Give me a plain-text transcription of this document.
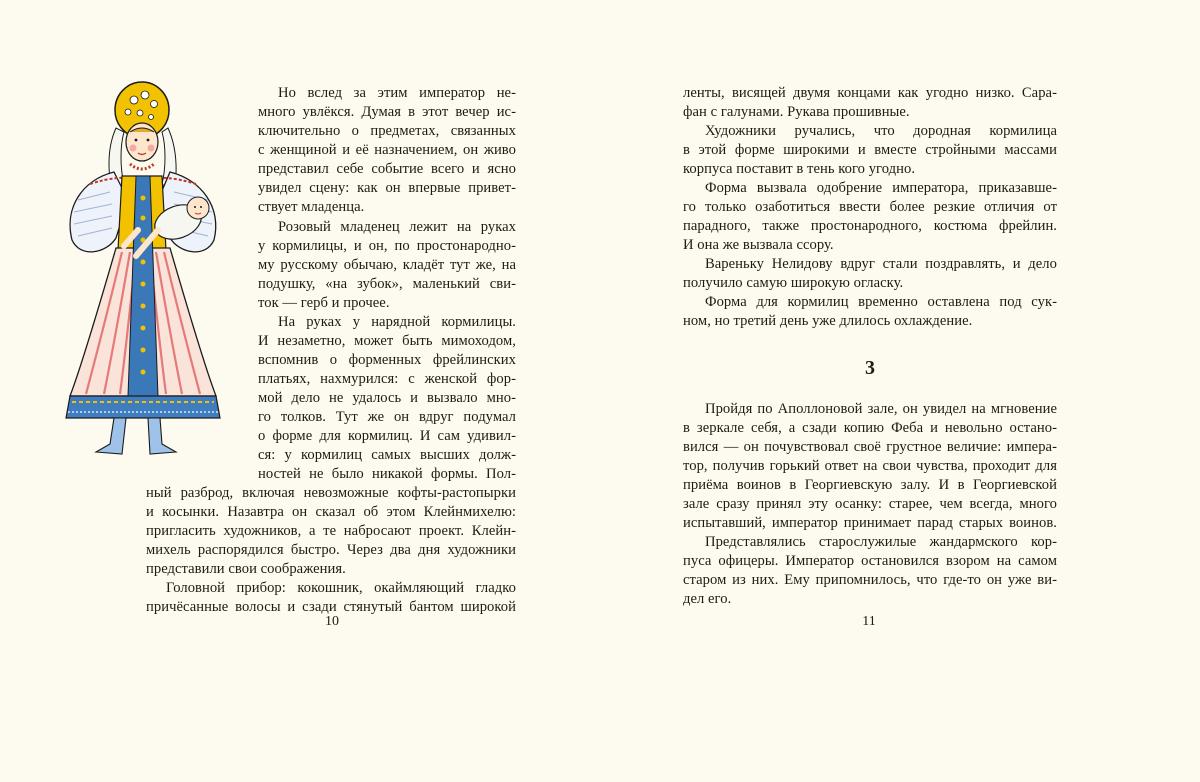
Но вслед за этим император не-
много увлёкся. Думая в этот вечер ис-
ключительно о предметах, связанных
с женщиной и её назначением, он живо
представил себе событие всего и ясно
увидел сцену: как он впервые привет-
ствует младенца.
Розовый младенец лежит на руках
у кормилицы, и он, по простонародно-
му русскому обычаю, кладёт тут же, на
подушку, «на зубок», маленький сви-
ток — герб и прочее.
На руках у нарядной кормилицы.
И незаметно, может быть мимоходом,
вспомнив о форменных фрейлинских
платьях, нахмурился: с женской фор-
мой дело не удалось и вызвало мно-
го толков. Тут же он вдруг подумал
о форме для кормилиц. И сам удивил-
ся: у кормилиц самых высших долж-
ностей не было никакой формы. Пол-
ный разброд, включая невозможные кофты-растопырки
и косынки. Назавтра он сказал об этом Клейнмихелю:
пригласить художников, а те набросают проект. Клейн-
михель распорядился быстро. Через два дня художники
представили свои соображения.
Головной прибор: кокошник, окаймляющий гладко
причёсанные волосы и сзади стянутый бантом широкой
10
ленты, висящей двумя концами как угодно низко. Сара-
фан с галунами. Рукава прошивные.
Художники ручались, что дородная кормилица
в этой форме широкими и вместе стройными массами
корпуса поставит в тень кого угодно.
Форма вызвала одобрение императора, приказавше-
го только озаботиться ввести более резкие отличия от
парадного, также простонародного, костюма фрейлин.
И она же вызвала ссору.
Вареньку Нелидову вдруг стали поздравлять, и дело
получило самую широкую огласку.
Форма для кормилиц временно оставлена под сук-
ном, но третий день уже длилось охлаждение.
3
Пройдя по Аполлоновой зале, он увидел на мгновение
в зеркале себя, а сзади копию Феба и невольно остано-
вился — он почувствовал своё грустное величие: импера-
тор, получив горький ответ на свои чувства, проходит для
приёма воинов в Георгиевскую залу. И в Георгиевской
зале сразу принял эту осанку: старее, чем всегда, много
испытавший, император принимает парад старых воинов.
Представлялись старослужилые жандармского кор-
пуса офицеры. Император остановился взором на самом
старом из них. Ему припомнилось, что где-то он уже ви-
дел его.
11
